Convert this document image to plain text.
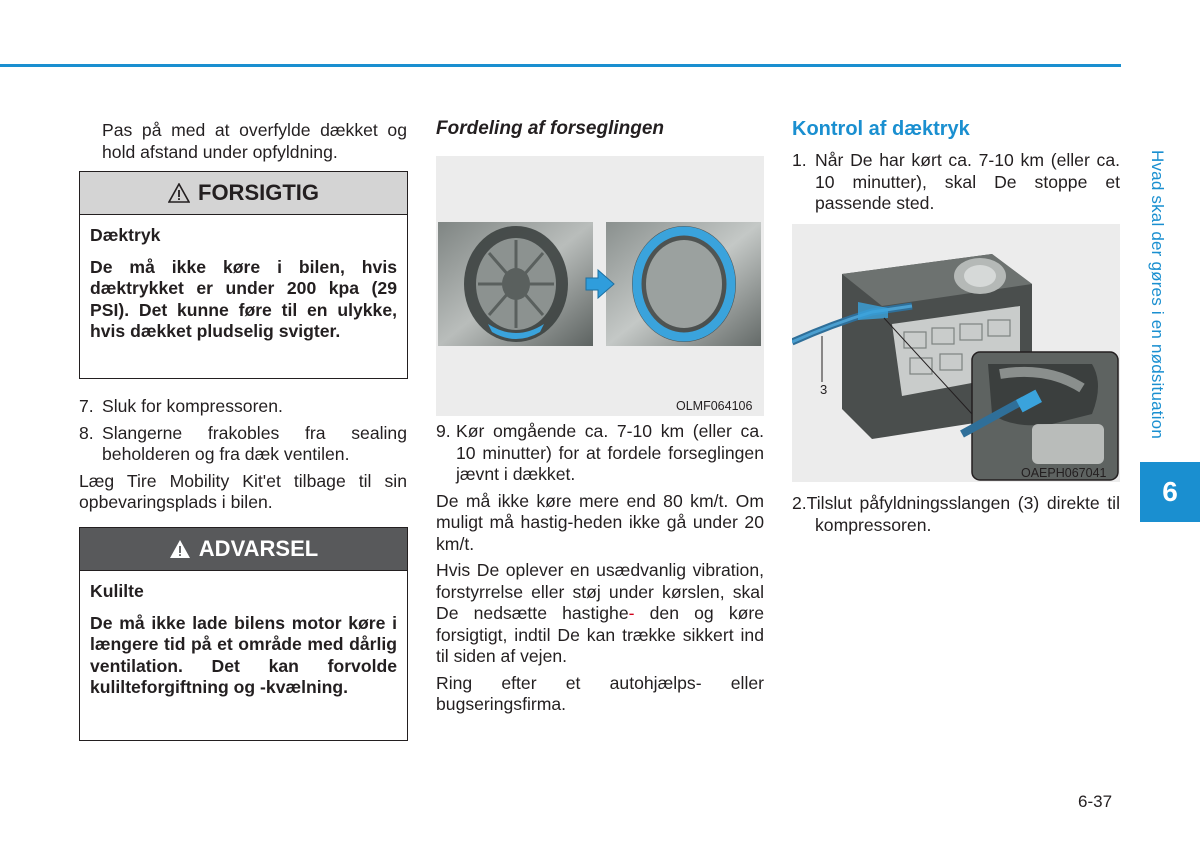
Hvad skal der gøres i en nødsituation
6
Pas på med at overfylde dækket og hold afstand under opfyldning.
FORSIGTIG

Dæktryk

De må ikke køre i bilen, hvis dæktrykket er under 200 kpa (29 PSI). Det kunne føre til en ulykke, hvis dækket pludselig svigter.

7. Sluk for kompressoren.
8. Slangerne frakobles fra sealing beholderen og fra dæk ventilen.

Læg Tire Mobility Kit'et tilbage til sin opbevaringsplads i bilen.

ADVARSEL

Kulilte

De må ikke lade bilens motor køre i længere tid på et område med dårlig ventilation. Det kan forvolde kulilteforgiftning og -kvælning.

Fordeling af forseglingen
OLMF064106
9. Kør omgående ca. 7-10 km (eller ca. 10 minutter) for at fordele forseglingen jævnt i dækket.

De må ikke køre mere end 80 km/t. Om muligt må hastig-heden ikke gå under 20 km/t.

Hvis De oplever en usædvanlig vibration, forstyrrelse eller støj under kørslen, skal De nedsætte hastighe- den og køre forsigtigt, indtil De kan trække sikkert ind til siden af vejen.

Ring efter et autohjælps- eller bugseringsfirma.

Kontrol af dæktryk
1. Når De har kørt ca. 7-10 km (eller ca. 10 minutter), skal De stoppe et passende sted.
3
OAEPH067041
2.Tilslut påfyldningsslangen (3) direkte til kompressoren.
6-37
